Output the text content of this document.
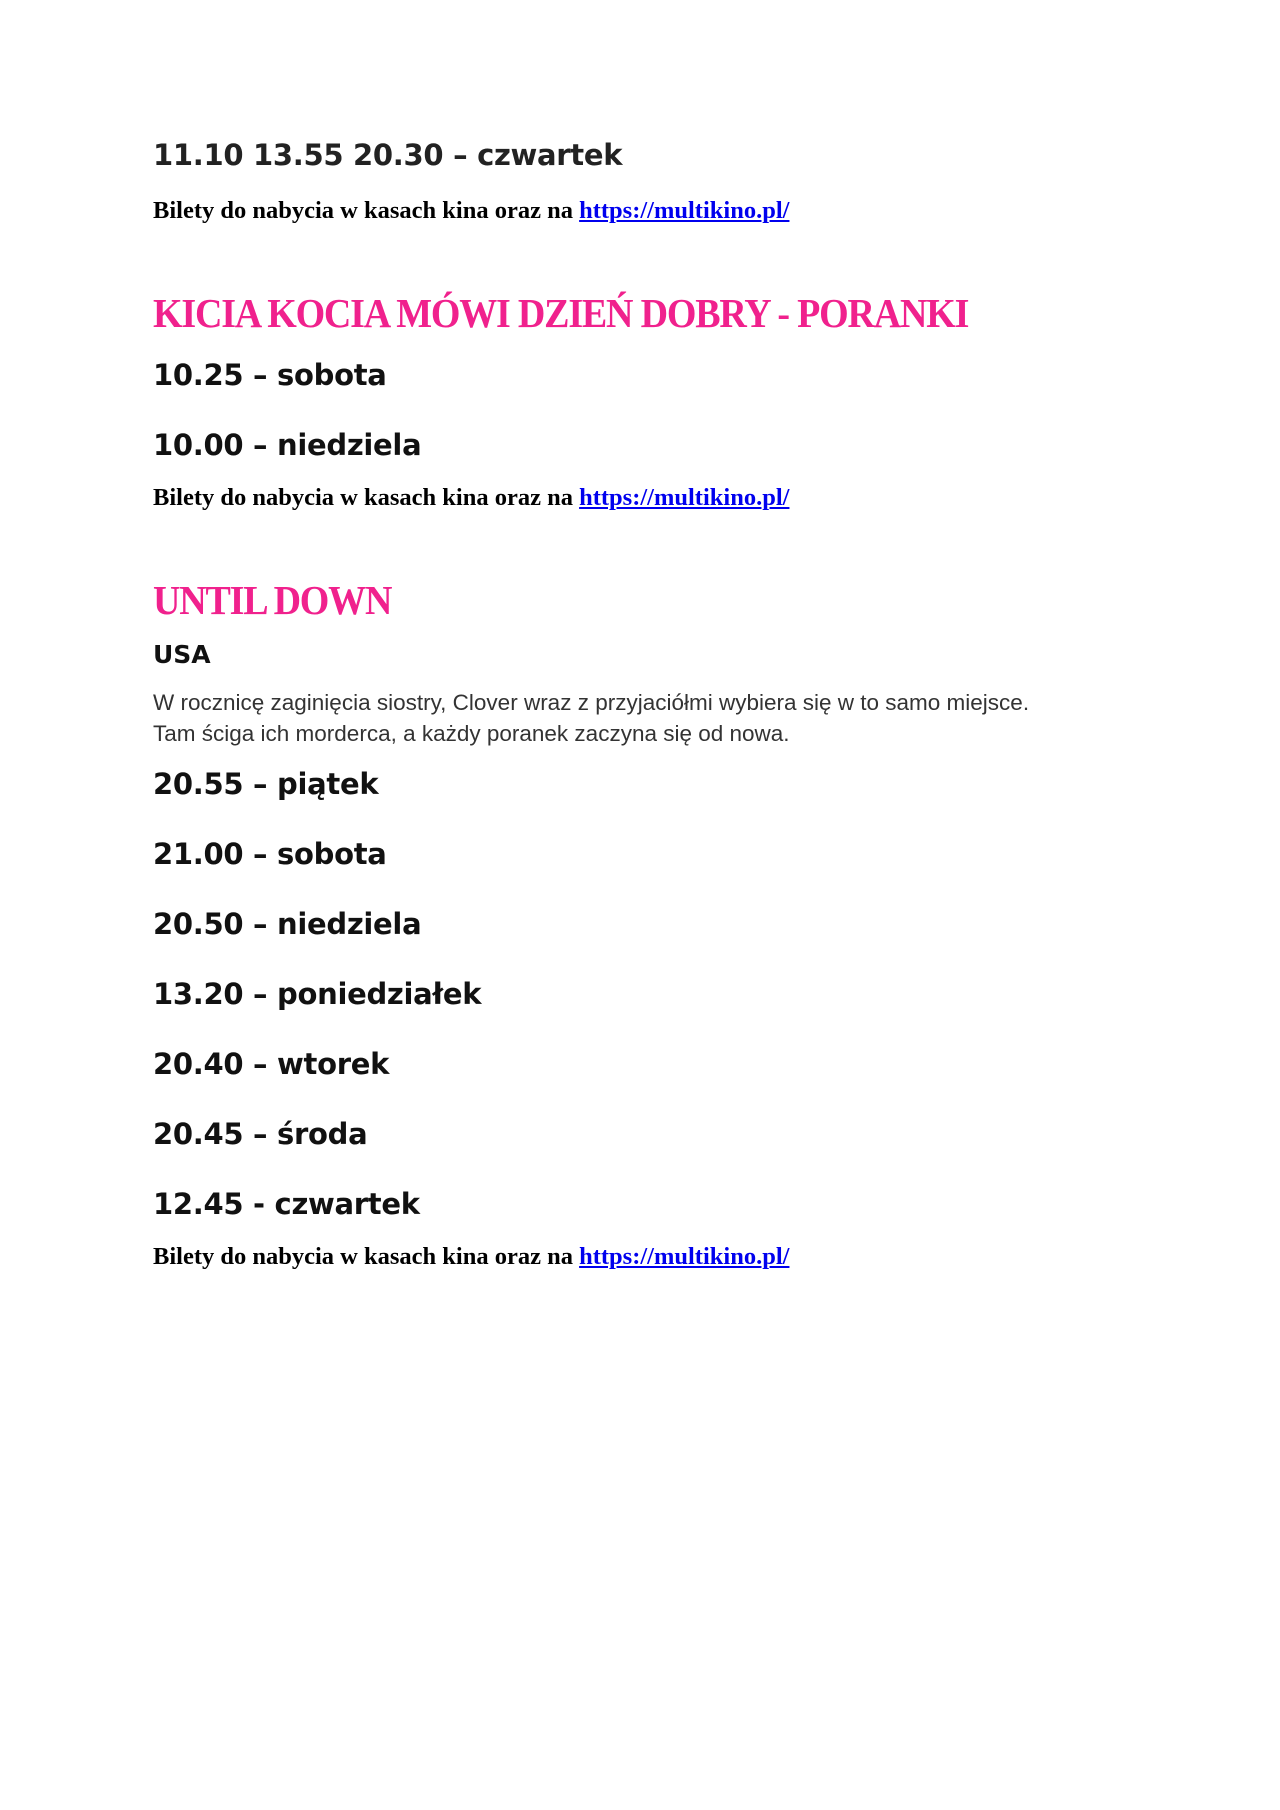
11.10 13.55 20.30 – czwartek

Bilety do nabycia w kasach kina oraz na https://multikino.pl/

KICIA KOCIA MÓWI DZIEŃ DOBRY - PORANKI

10.25 – sobota

10.00 – niedziela

Bilety do nabycia w kasach kina oraz na https://multikino.pl/

UNTIL DOWN

USA

W rocznicę zaginięcia siostry, Clover wraz z przyjaciółmi wybiera się w to samo miejsce.

Tam ściga ich morderca, a każdy poranek zaczyna się od nowa.

20.55 – piątek

21.00 – sobota

20.50 – niedziela

13.20 – poniedziałek

20.40 – wtorek

20.45 – środa

12.45 - czwartek

Bilety do nabycia w kasach kina oraz na https://multikino.pl/
